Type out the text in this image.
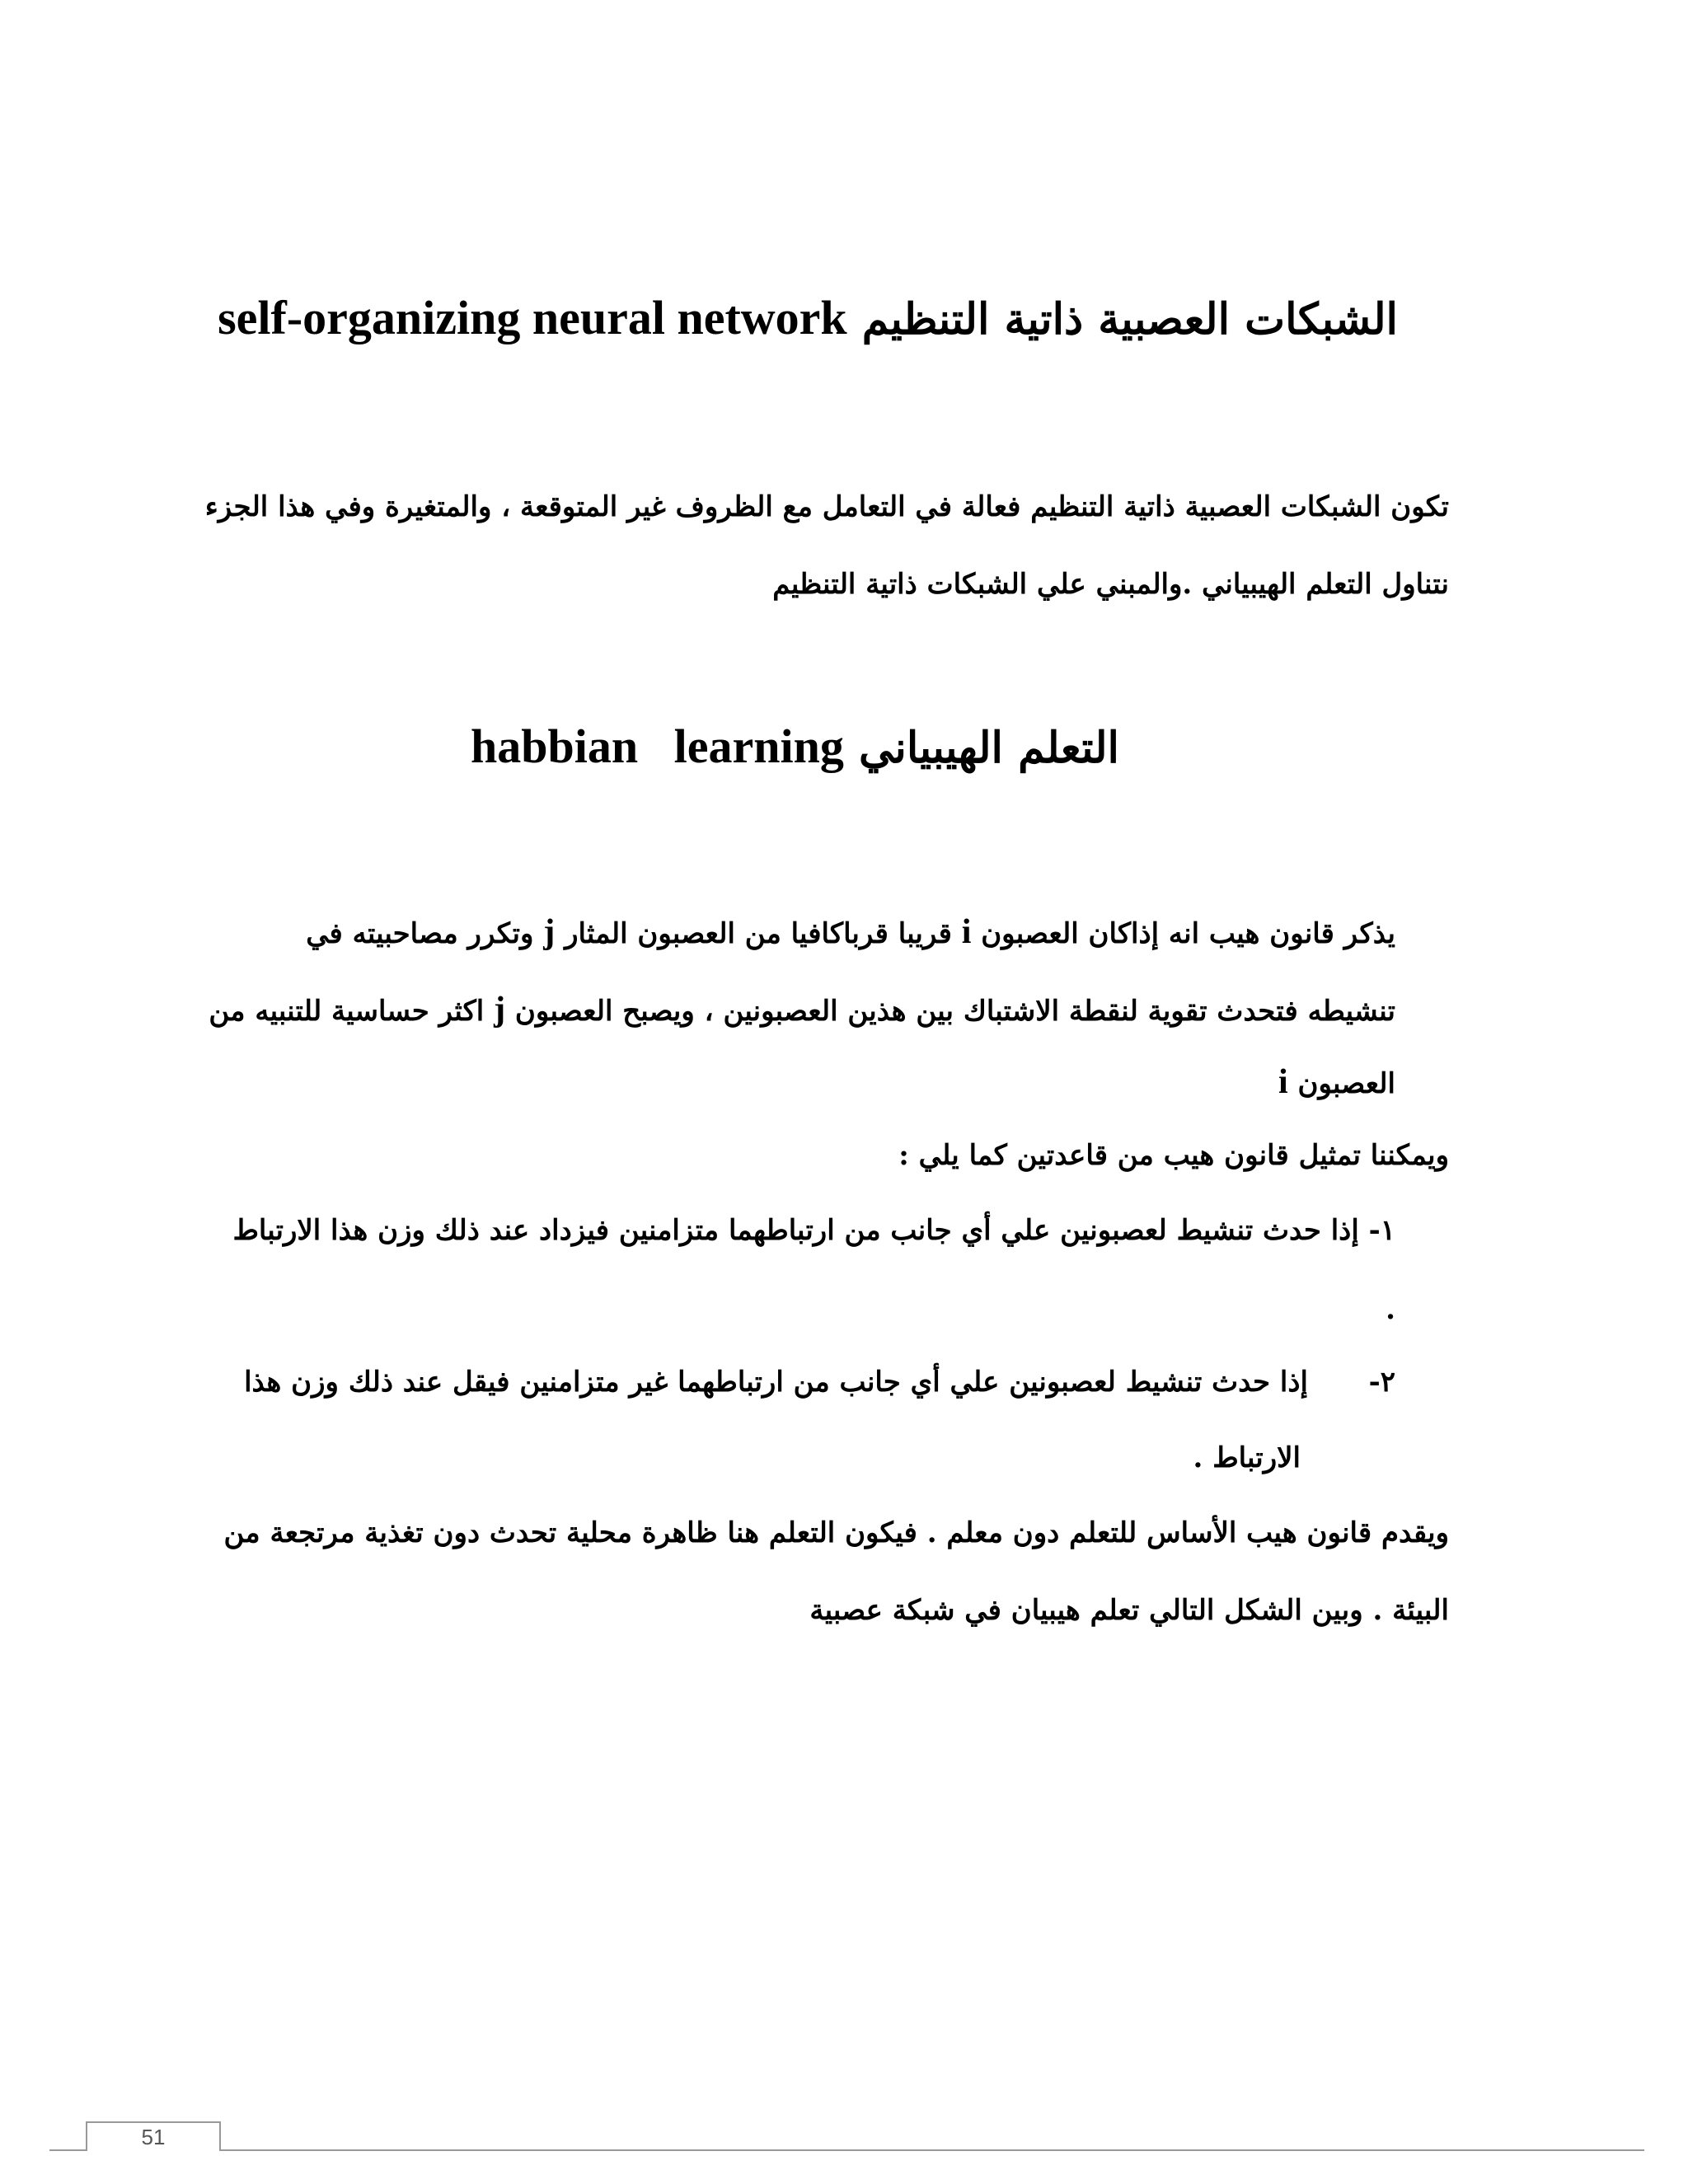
الشبكات العصبية ذاتية التنظيم self-organizing neural network
تكون الشبكات العصبية ذاتية التنظيم فعالة في التعامل مع الظروف غير المتوقعة ، والمتغيرة وفي هذا الجزء
نتناول التعلم الهيبياني .والمبني علي الشبكات ذاتية التنظيم
التعلم الهيبياني habbian   learning
يذكر قانون هيب انه إذاكان العصبون i قريبا قرباكافيا من العصبون المثار j وتكرر مصاحبيته في
تنشيطه فتحدث تقوية لنقطة الاشتباك بين هذين العصبونين ، ويصبح العصبون j اكثر حساسية للتنبيه من
العصبون i
ويمكننا تمثيل قانون هيب من قاعدتين كما يلي :
١- إذا حدث تنشيط لعصبونين علي أي جانب من ارتباطهما متزامنين فيزداد عند ذلك وزن هذا الارتباط
.
٢-  إذا حدث تنشيط لعصبونين علي أي جانب من ارتباطهما غير متزامنين فيقل عند ذلك وزن هذا
الارتباط .
ويقدم قانون هيب الأساس للتعلم دون معلم . فيكون التعلم هنا ظاهرة محلية تحدث دون تغذية مرتجعة من
البيئة . وبين الشكل التالي تعلم هيبيان في شبكة عصبية
51
